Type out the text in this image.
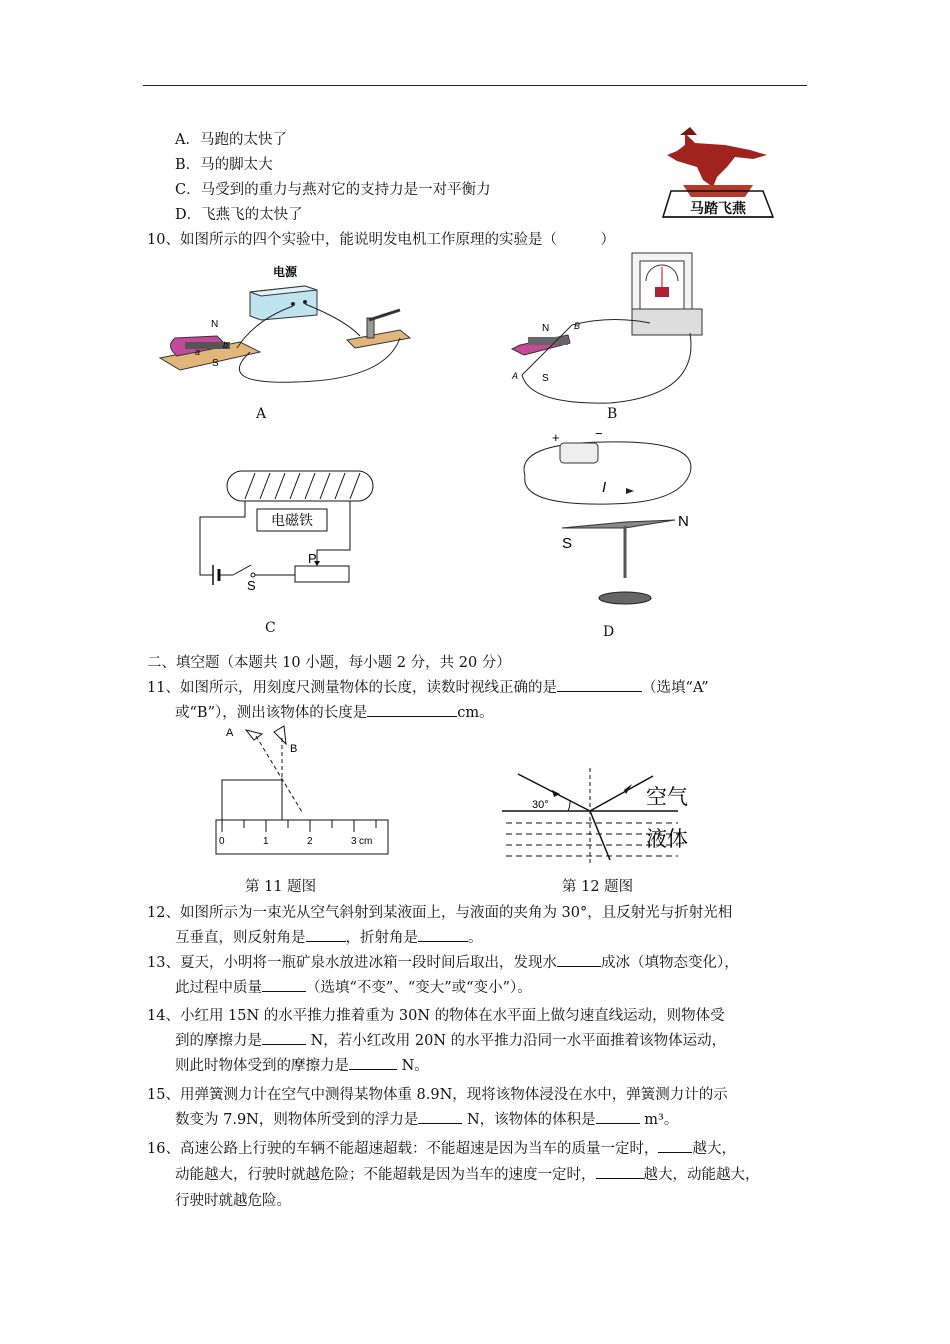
A．马跑的太快了
B．马的脚太大
C．马受到的重力与燕对它的支持力是一对平衡力
D．飞燕飞的太快了	马踏飞燕
10、如图所示的四个实验中，能说明发电机工作原理的实验是（　　　）
电源
N
S
a
b
A
N
S
A
B
B
电磁铁
P
S
C
+	−
I
S
N
D
二、填空题（本题共 10 小题，每小题 2 分，共 20 分）
11、如图所示，用刻度尺测量物体的长度，读数时视线正确的是	（选填“A”
或“B”），测出该物体的长度是	cm。
A
B
0	1	2	3 cm
第 11 题图
30°	空气
液体
第 12 题图
12、如图所示为一束光从空气斜射到某液面上，与液面的夹角为 30°，且反射光与折射光相
互垂直，则反射角是	，折射角是	。
13、夏天，小明将一瓶矿泉水放进冰箱一段时间后取出，发现水	成冰（填物态变化），
此过程中质量	（选填“不变”、“变大”或“变小”）。
14、小红用 15N 的水平推力推着重为 30N 的物体在水平面上做匀速直线运动，则物体受
到的摩擦力是	N，若小红改用 20N 的水平推力沿同一水平面推着该物体运动，
则此时物体受到的摩擦力是	N。
15、用弹簧测力计在空气中测得某物体重 8.9N，现将该物体浸没在水中，弹簧测力计的示
数变为 7.9N，则物体所受到的浮力是	N，该物体的体积是	m³。
16、高速公路上行驶的车辆不能超速超载：不能超速是因为当车的质量一定时， 越大，
动能越大，行驶时就越危险；不能超载是因为当车的速度一定时，	越大，动能越大，
行驶时就越危险。
